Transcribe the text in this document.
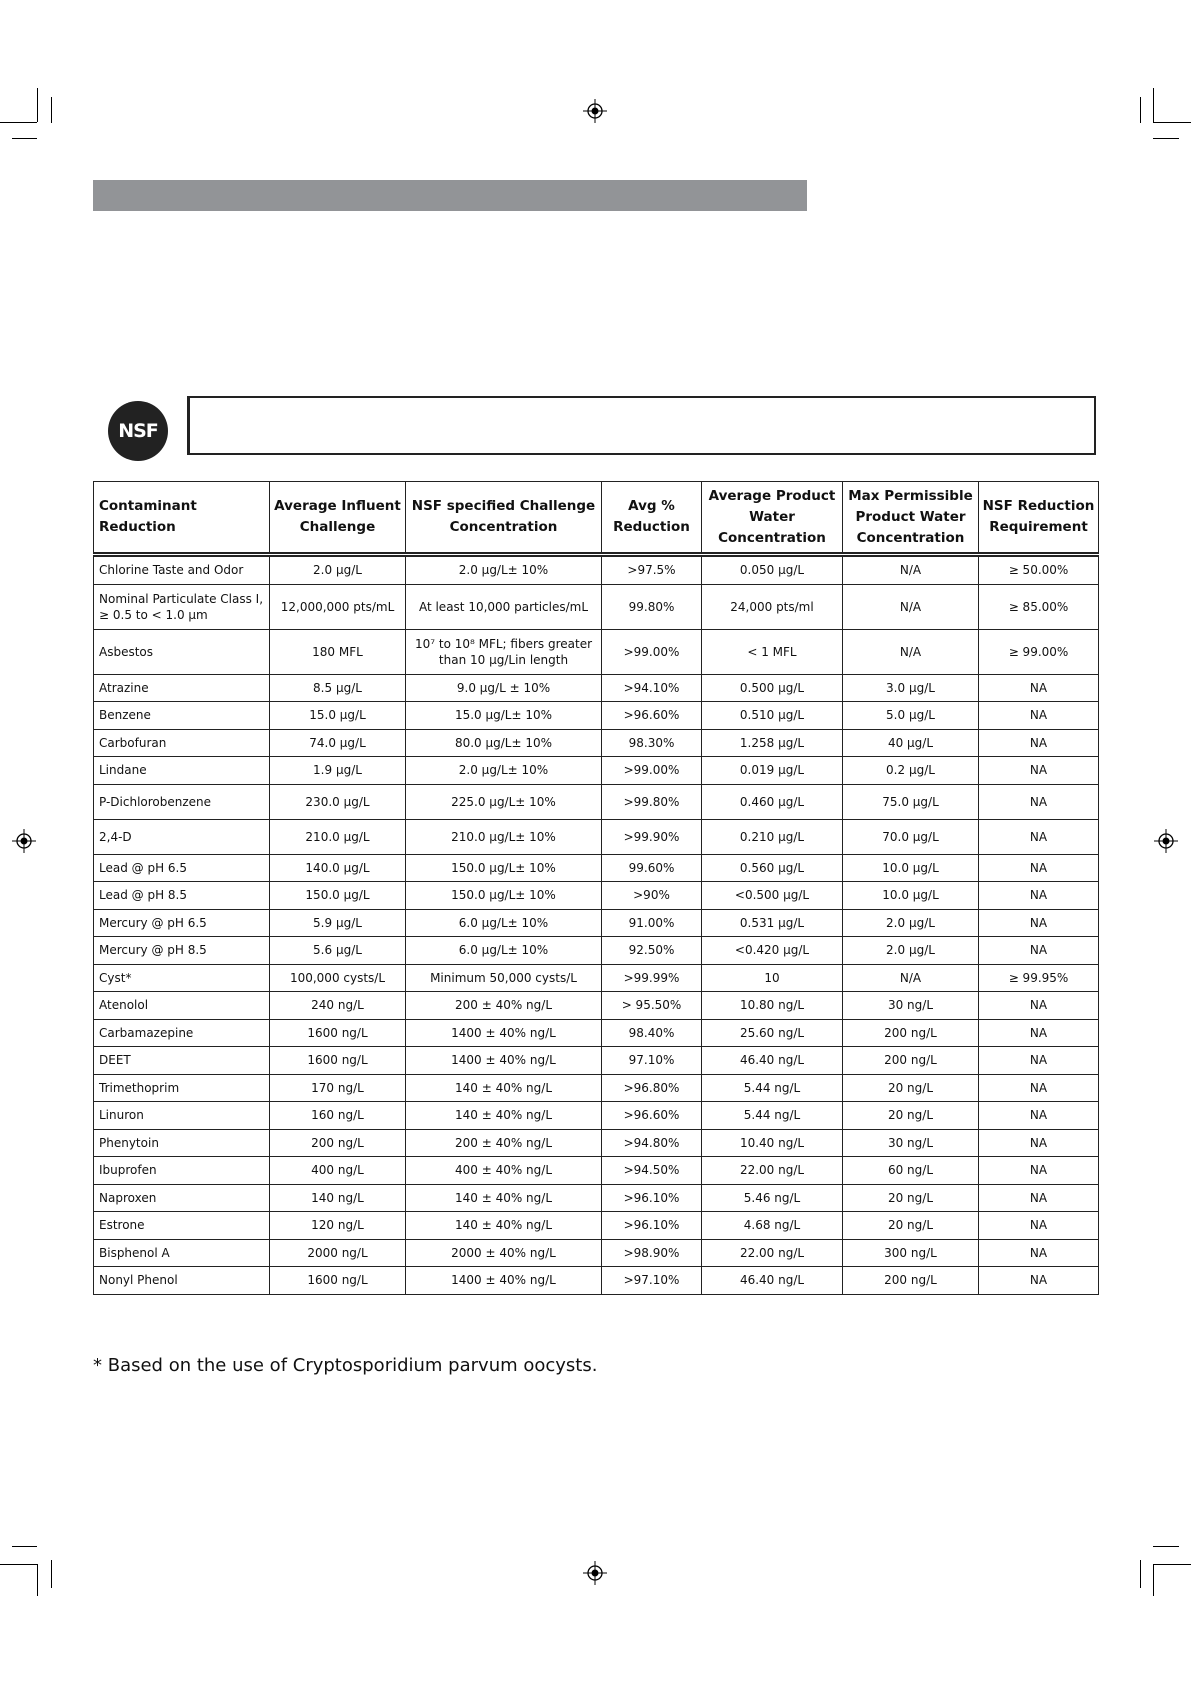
NSF
Contaminant Reduction	Average Influent Challenge	NSF specified Challenge Concentration	Avg % Reduction	Average Product Water Concentration	Max Permissible Product Water Concentration	NSF Reduction Requirement
Chlorine Taste and Odor	2.0 µg/L	2.0 µg/L± 10%	>97.5%	0.050 µg/L	N/A	≥ 50.00%
Nominal Particulate Class I, ≥ 0.5 to < 1.0 µm	12,000,000 pts/mL	At least 10,000 particles/mL	99.80%	24,000 pts/ml	N/A	≥ 85.00%
Asbestos	180 MFL	10⁷ to 10⁸ MFL; fibers greater than 10 µg/Lin length	>99.00%	< 1 MFL	N/A	≥ 99.00%
Atrazine	8.5 µg/L	9.0 µg/L ± 10%	>94.10%	0.500 µg/L	3.0 µg/L	NA
Benzene	15.0 µg/L	15.0 µg/L± 10%	>96.60%	0.510 µg/L	5.0 µg/L	NA
Carbofuran	74.0 µg/L	80.0 µg/L± 10%	98.30%	1.258 µg/L	40 µg/L	NA
Lindane	1.9 µg/L	2.0 µg/L± 10%	>99.00%	0.019 µg/L	0.2 µg/L	NA
P-Dichlorobenzene	230.0 µg/L	225.0 µg/L± 10%	>99.80%	0.460 µg/L	75.0 µg/L	NA
2,4-D	210.0 µg/L	210.0 µg/L± 10%	>99.90%	0.210 µg/L	70.0 µg/L	NA
Lead @ pH 6.5	140.0 µg/L	150.0 µg/L± 10%	99.60%	0.560 µg/L	10.0 µg/L	NA
Lead @ pH 8.5	150.0 µg/L	150.0 µg/L± 10%	>90%	<0.500 µg/L	10.0 µg/L	NA
Mercury @ pH 6.5	5.9 µg/L	6.0 µg/L± 10%	91.00%	0.531 µg/L	2.0 µg/L	NA
Mercury @ pH 8.5	5.6 µg/L	6.0 µg/L± 10%	92.50%	<0.420 µg/L	2.0 µg/L	NA
Cyst*	100,000 cysts/L	Minimum 50,000 cysts/L	>99.99%	10	N/A	≥ 99.95%
Atenolol	240 ng/L	200 ± 40% ng/L	> 95.50%	10.80 ng/L	30 ng/L	NA
Carbamazepine	1600 ng/L	1400 ± 40% ng/L	98.40%	25.60 ng/L	200 ng/L	NA
DEET	1600 ng/L	1400 ± 40% ng/L	97.10%	46.40 ng/L	200 ng/L	NA
Trimethoprim	170 ng/L	140 ± 40% ng/L	>96.80%	5.44 ng/L	20 ng/L	NA
Linuron	160 ng/L	140 ± 40% ng/L	>96.60%	5.44 ng/L	20 ng/L	NA
Phenytoin	200 ng/L	200 ± 40% ng/L	>94.80%	10.40 ng/L	30 ng/L	NA
Ibuprofen	400 ng/L	400 ± 40% ng/L	>94.50%	22.00 ng/L	60 ng/L	NA
Naproxen	140 ng/L	140 ± 40% ng/L	>96.10%	5.46 ng/L	20 ng/L	NA
Estrone	120 ng/L	140 ± 40% ng/L	>96.10%	4.68 ng/L	20 ng/L	NA
Bisphenol A	2000 ng/L	2000 ± 40% ng/L	>98.90%	22.00 ng/L	300 ng/L	NA
Nonyl Phenol	1600 ng/L	1400 ± 40% ng/L	>97.10%	46.40 ng/L	200 ng/L	NA
* Based on the use of Cryptosporidium parvum oocysts.
